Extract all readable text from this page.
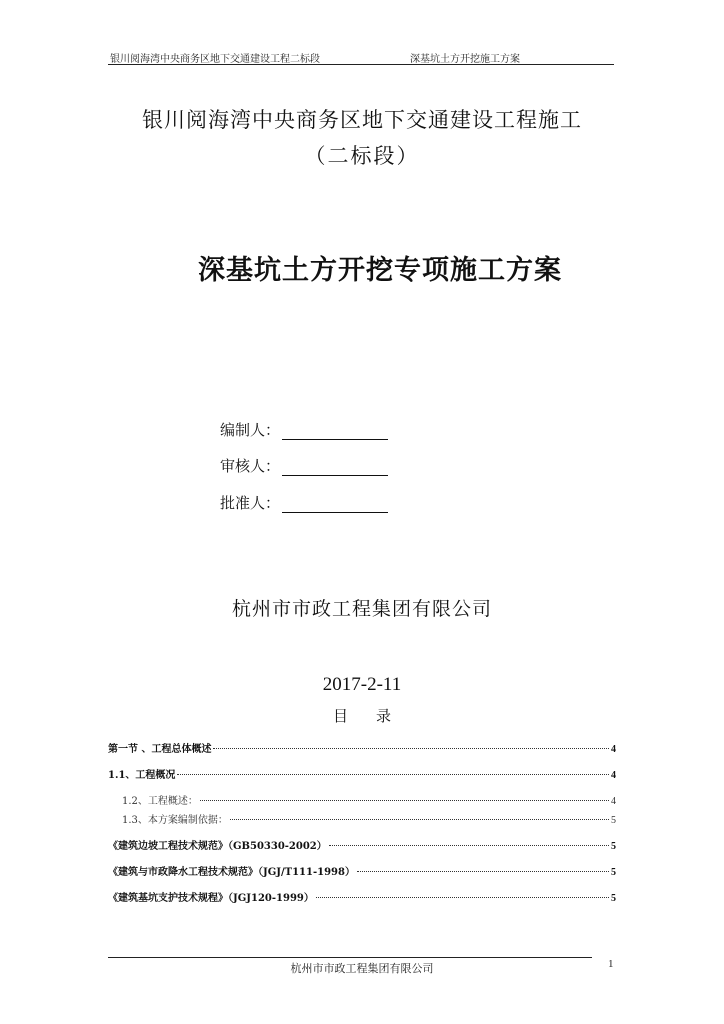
银川阅海湾中央商务区地下交通建设工程二标段	深基坑土方开挖施工方案
银川阅海湾中央商务区地下交通建设工程施工
（二标段）
深基坑土方开挖专项施工方案
编制人：
审核人：
批准人：
杭州市市政工程集团有限公司
2017-2-11
目录
第一节 、工程总体概述	4
1.1、工程概况	4
1.2、工程概述：	4
1.3、本方案编制依据：	5
《建筑边坡工程技术规范》（GB50330-2002）	5
《建筑与市政降水工程技术规范》（JGJ/T111-1998）	5
《建筑基坑支护技术规程》（JGJ120-1999）	5
杭州市市政工程集团有限公司	1
